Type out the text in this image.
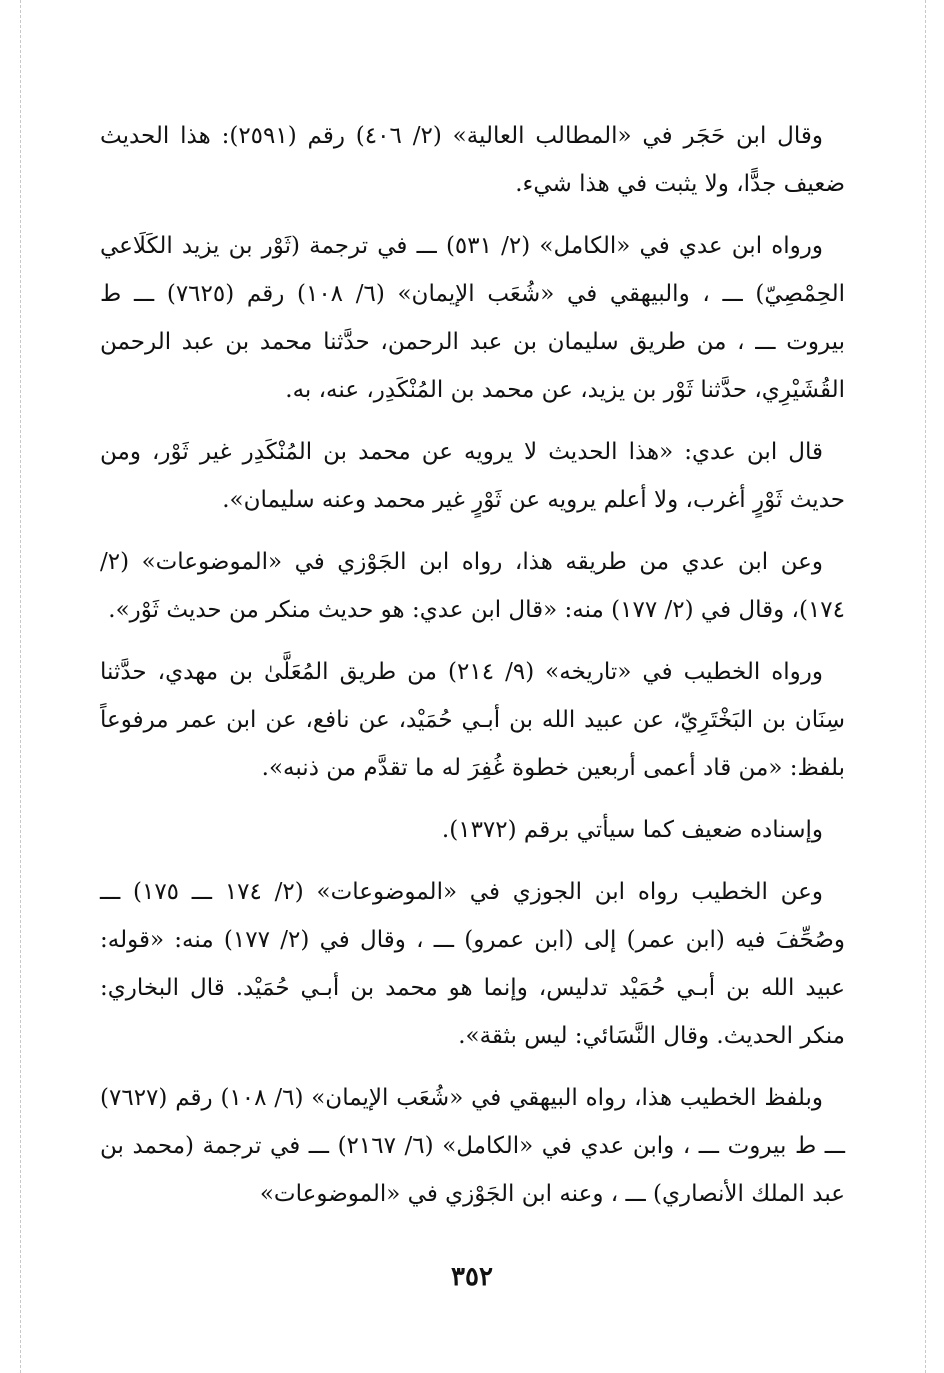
وقال ابن حَجَر في «المطالب العالية» (٢/ ٤٠٦) رقم (٢٥٩١): هذا الحديث ضعيف جدًّا، ولا يثبت في هذا شيء.

ورواه ابن عدي في «الكامل» (٢/ ٥٣١) ـــ في ترجمة (ثَوْر بن يزيد الكَلَاعي الحِمْصِيّ) ـــ ، والبيهقي في «شُعَب الإيمان» (٦/ ١٠٨) رقم (٧٦٢٥) ـــ ط بيروت ـــ ، من طريق سليمان بن عبد الرحمن، حدَّثنا محمد بن عبد الرحمن القُشَيْرِي، حدَّثنا ثَوْر بن يزيد، عن محمد بن المُنْكَدِر، عنه، به.

قال ابن عدي: «هذا الحديث لا يرويه عن محمد بن المُنْكَدِر غير ثَوْر، ومن حديث ثَوْرٍ أغرب، ولا أعلم يرويه عن ثَوْرٍ غير محمد وعنه سليمان».

وعن ابن عدي من طريقه هذا، رواه ابن الجَوْزي في «الموضوعات» (٢/ ١٧٤)، وقال في (٢/ ١٧٧) منه: «قال ابن عدي: هو حديث منكر من حديث ثَوْر».

ورواه الخطيب في «تاريخه» (٩/ ٢١٤) من طريق المُعَلَّىٰ بن مهدي، حدَّثنا سِنَان بن البَخْتَرِيّ، عن عبيد الله بن أبـي حُمَيْد، عن نافع، عن ابن عمر مرفوعاً بلفظ: «من قاد أعمى أربعين خطوة غُفِرَ له ما تقدَّم من ذنبه».

وإسناده ضعيف كما سيأتي برقم (١٣٧٢).

وعن الخطيب رواه ابن الجوزي في «الموضوعات» (٢/ ١٧٤ ـــ ١٧٥) ـــ وصُحِّفَ فيه (ابن عمر) إلى (ابن عمرو) ـــ ، وقال في (٢/ ١٧٧) منه: «قوله: عبيد الله بن أبـي حُمَيْد تدليس، وإنما هو محمد بن أبـي حُمَيْد. قال البخاري: منكر الحديث. وقال النَّسَائي: ليس بثقة».

وبلفظ الخطيب هذا، رواه البيهقي في «شُعَب الإيمان» (٦/ ١٠٨) رقم (٧٦٢٧) ـــ ط بيروت ـــ ، وابن عدي في «الكامل» (٦/ ٢١٦٧) ـــ في ترجمة (محمد بن عبد الملك الأنصاري) ـــ ، وعنه ابن الجَوْزي في «الموضوعات»

٣٥٢
